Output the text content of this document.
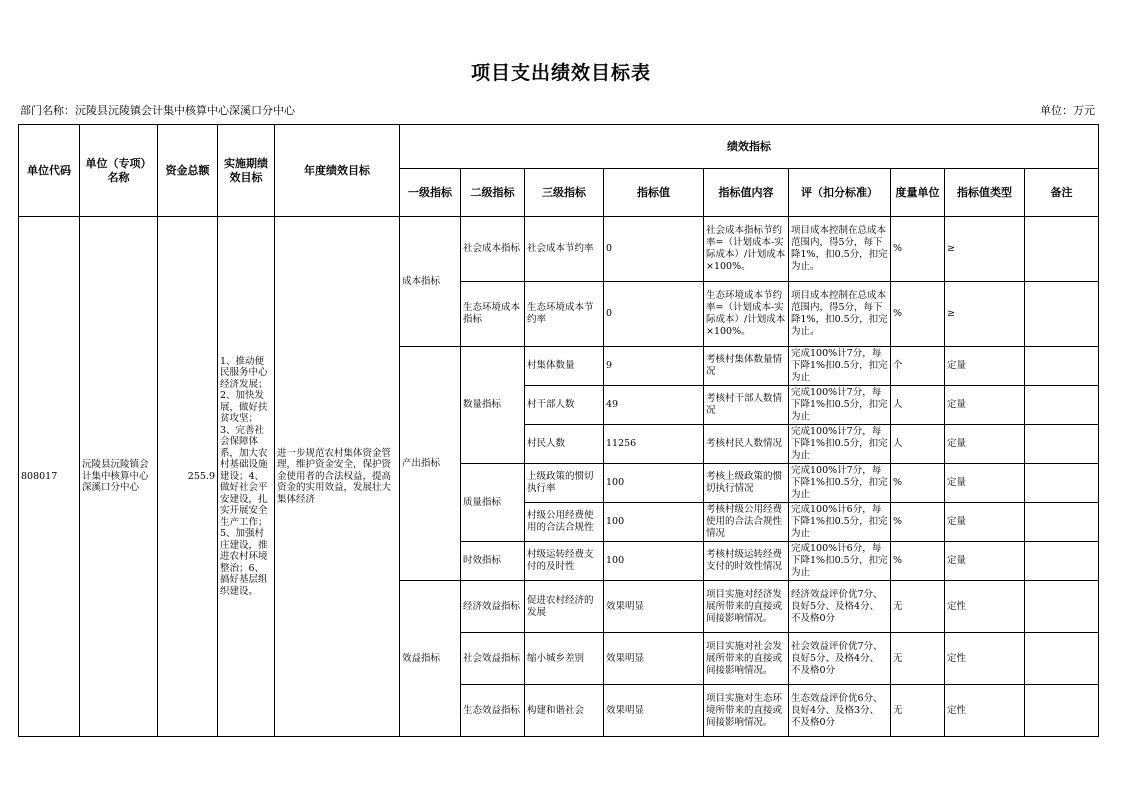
项目支出绩效目标表
部门名称：沅陵县沅陵镇会计集中核算中心深溪口分中心	单位：万元
单位代码	单位（专项）名称	资金总额	实施期绩效目标	年度绩效目标	绩效指标								
					一级指标	二级指标	三级指标	指标值	指标值内容	评（扣分标准）	度量单位	指标值类型	备注
808017	沅陵县沅陵镇会计集中核算中心深溪口分中心	255.9	1、推动便民服务中心经济发展；2、加快发展，做好扶贫攻坚；3、完善社会保障体系，加大农村基础设施建设；4、做好社会平安建设，扎实开展安全生产工作；5、加强村庄建设，推进农村环境整治；6、搞好基层组织建设。	进一步规范农村集体资金管理，维护资金安全，保护资金使用者的合法权益，提高资金的实用效益，发展壮大集体经济	成本指标	社会成本指标	社会成本节约率	0	社会成本指标节约率=（计划成本-实际成本）/计划成本×100%。	项目成本控制在总成本范围内，得5分，每下降1%，扣0.5分，扣完为止。	%	≥	
						生态环境成本指标	生态环境成本节约率	0	生态环境成本节约率=（计划成本-实际成本）/计划成本×100%。	项目成本控制在总成本范围内，得5分，每下降1%，扣0.5分，扣完为止。	%	≥	
					产出指标	数量指标	村集体数量	9	考核村集体数量情况	完成100%计7分，每下降1%扣0.5分，扣完为止	个	定量	
							村干部人数	49	考核村干部人数情况	完成100%计7分，每下降1%扣0.5分，扣完为止	人	定量	
							村民人数	11256	考核村民人数情况	完成100%计7分，每下降1%扣0.5分，扣完为止	人	定量	
						质量指标	上级政策的惯切执行率	100	考核上级政策的惯切执行情况	完成100%计7分，每下降1%扣0.5分，扣完为止	%	定量	
							村级公用经费使用的合法合规性	100	考核村级公用经费使用的合法合规性情况	完成100%计6分，每下降1%扣0.5分，扣完为止	%	定量	
						时效指标	村级运转经费支付的及时性	100	考核村级运转经费支付的时效性情况	完成100%计6分，每下降1%扣0.5分，扣完为止	%	定量	
					效益指标	经济效益指标	促进农村经济的发展	效果明显	项目实施对经济发展所带来的直接或间接影响情况。	经济效益评价优7分、良好5分、及格4分、不及格0分	无	定性	
						社会效益指标	缩小城乡差别	效果明显	项目实施对社会发展所带来的直接或间接影响情况。	社会效益评价优7分、良好5分、及格4分、不及格0分	无	定性	
						生态效益指标	构建和谐社会	效果明显	项目实施对生态环境所带来的直接或间接影响情况。	生态效益评价优6分、良好4分、及格3分、不及格0分	无	定性	
